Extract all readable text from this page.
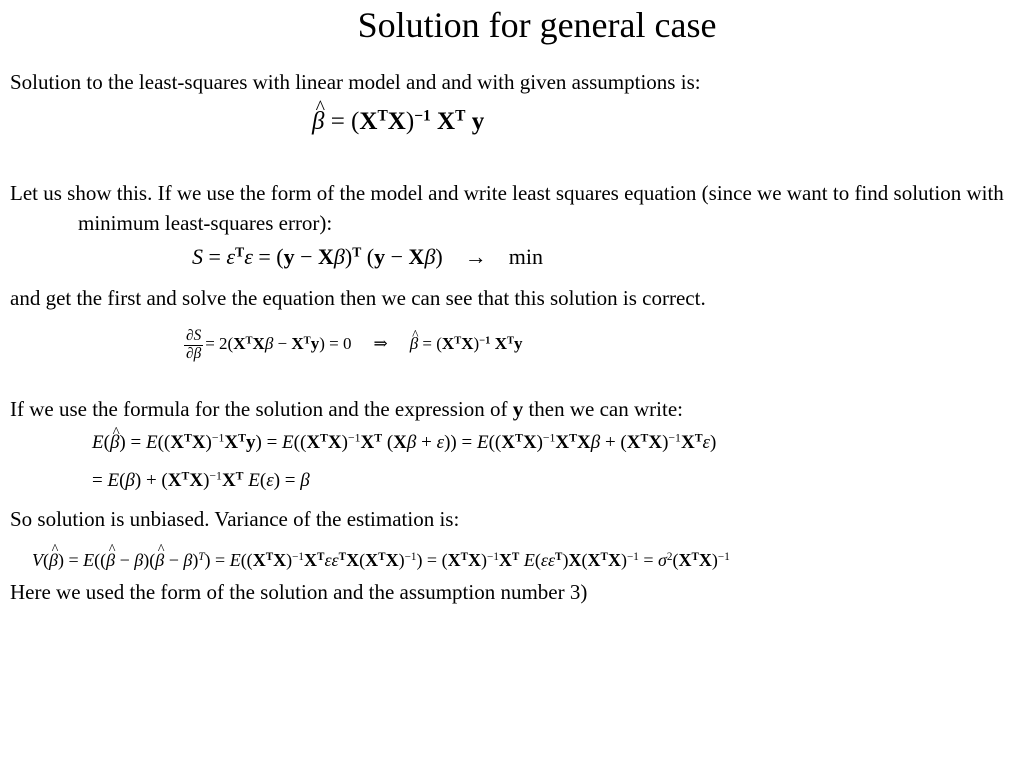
Solution for general case
Solution to the least-squares with linear model and and with given assumptions is:
^ $\beta = (X^TX)^{-1}$ $X^T$ y
Let us show this. If we use the form of the model and write least squares equation (since we want to find solution with minimum least-squares error):
$S = \varepsilon^T\varepsilon = (y - X\beta)^T$ (y − Xβ) → min
and get the first and solve the equation then we can see that this solution is correct.
$\frac{\partial S}{\partial\beta} = 2(X^TX\beta - X^Ty) = 0$ ⇒^ $\beta = (X^TX)^{-1}$ $X^Ty$
If we use the formula for the solution and the expression of y then we can write:
E(^ $\beta) = E((X^TX)^{-1}X^Ty) = E((X^TX)^{-1}X^T$ $(X\beta + \varepsilon)) = E((X^TX)^{-1}X^TX\beta + (X^TX)^{-1}X^T\varepsilon)$
= $E(\beta) + (X^TX)^{-1}X^T$ E(ε) = β
So solution is unbiased. Variance of the estimation is:
V(^ β) = E((^ β − β)(^ $\beta - \beta)^T) = E((X^TX)^{-1}X^T\varepsilon\varepsilon^TX(X^TX)^{-1}) = (X^TX)^{-1}X^T$ $E(\varepsilon\varepsilon^T)X(X^TX)^{-1} = \sigma^2(X^TX)^{-1}$
Here we used the form of the solution and the assumption number 3)
